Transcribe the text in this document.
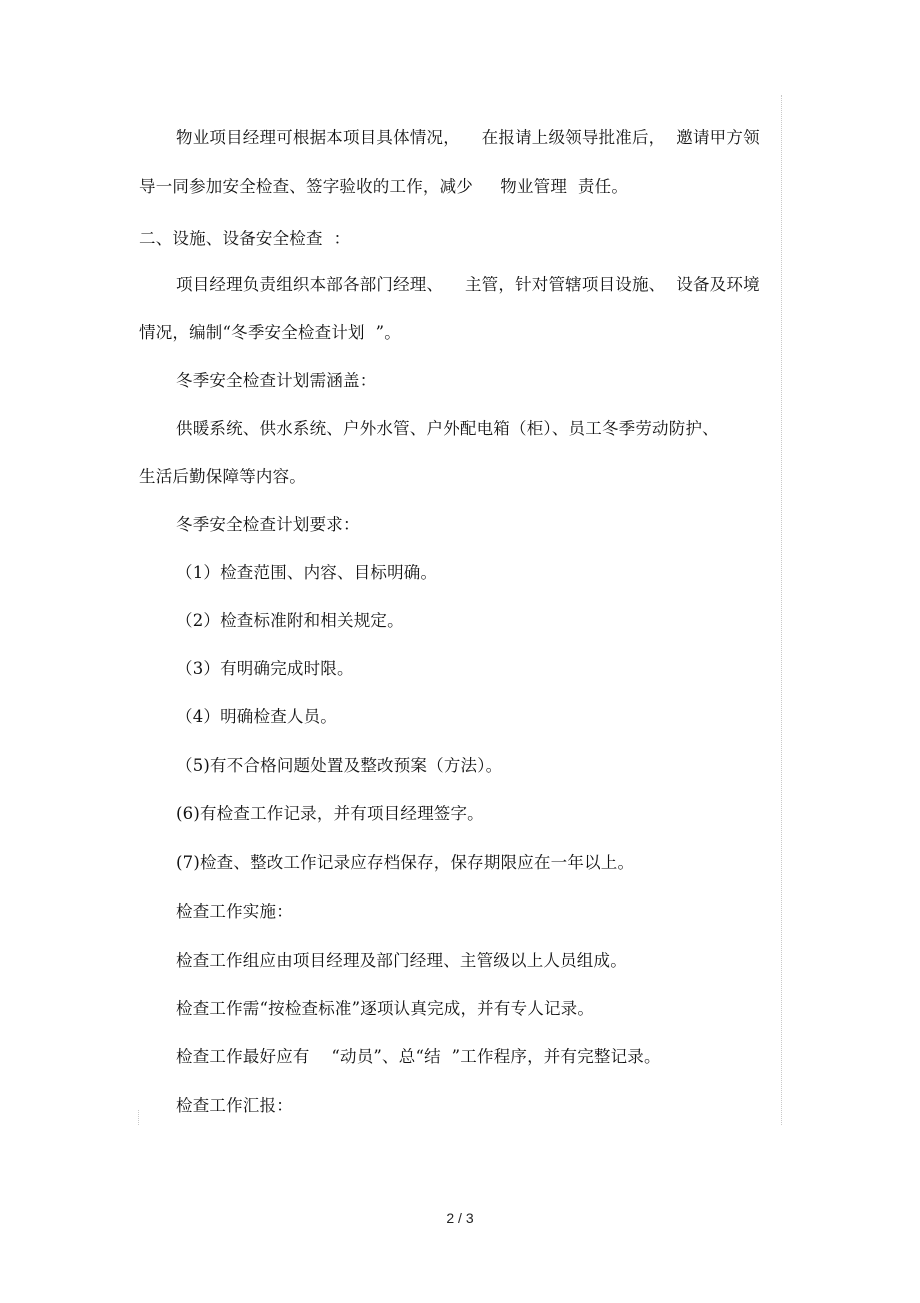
物业项目经理可根据本项目具体情况，    在报请上级领导批准后，  邀请甲方领
导一同参加安全检查、签字验收的工作，减少     物业管理  责任。
二、设施、设备安全检查  ：
项目经理负责组织本部各部门经理、    主管，针对管辖项目设施、  设备及环境
情况，编制“冬季安全检查计划  ”。
冬季安全检查计划需涵盖：
供暖系统、供水系统、户外水管、户外配电箱（柜）、员工冬季劳动防护、
生活后勤保障等内容。
冬季安全检查计划要求：
（1）检查范围、内容、目标明确。
（2）检查标准附和相关规定。
（3）有明确完成时限。
（4）明确检查人员。
（5)有不合格问题处置及整改预案（方法）。
(6)有检查工作记录，并有项目经理签字。
(7)检查、整改工作记录应存档保存，保存期限应在一年以上。
检查工作实施：
检查工作组应由项目经理及部门经理、主管级以上人员组成。
检查工作需“按检查标准”逐项认真完成，并有专人记录。
检查工作最好应有    “动员”、总“结  ”工作程序，并有完整记录。
检查工作汇报：
2 / 3
